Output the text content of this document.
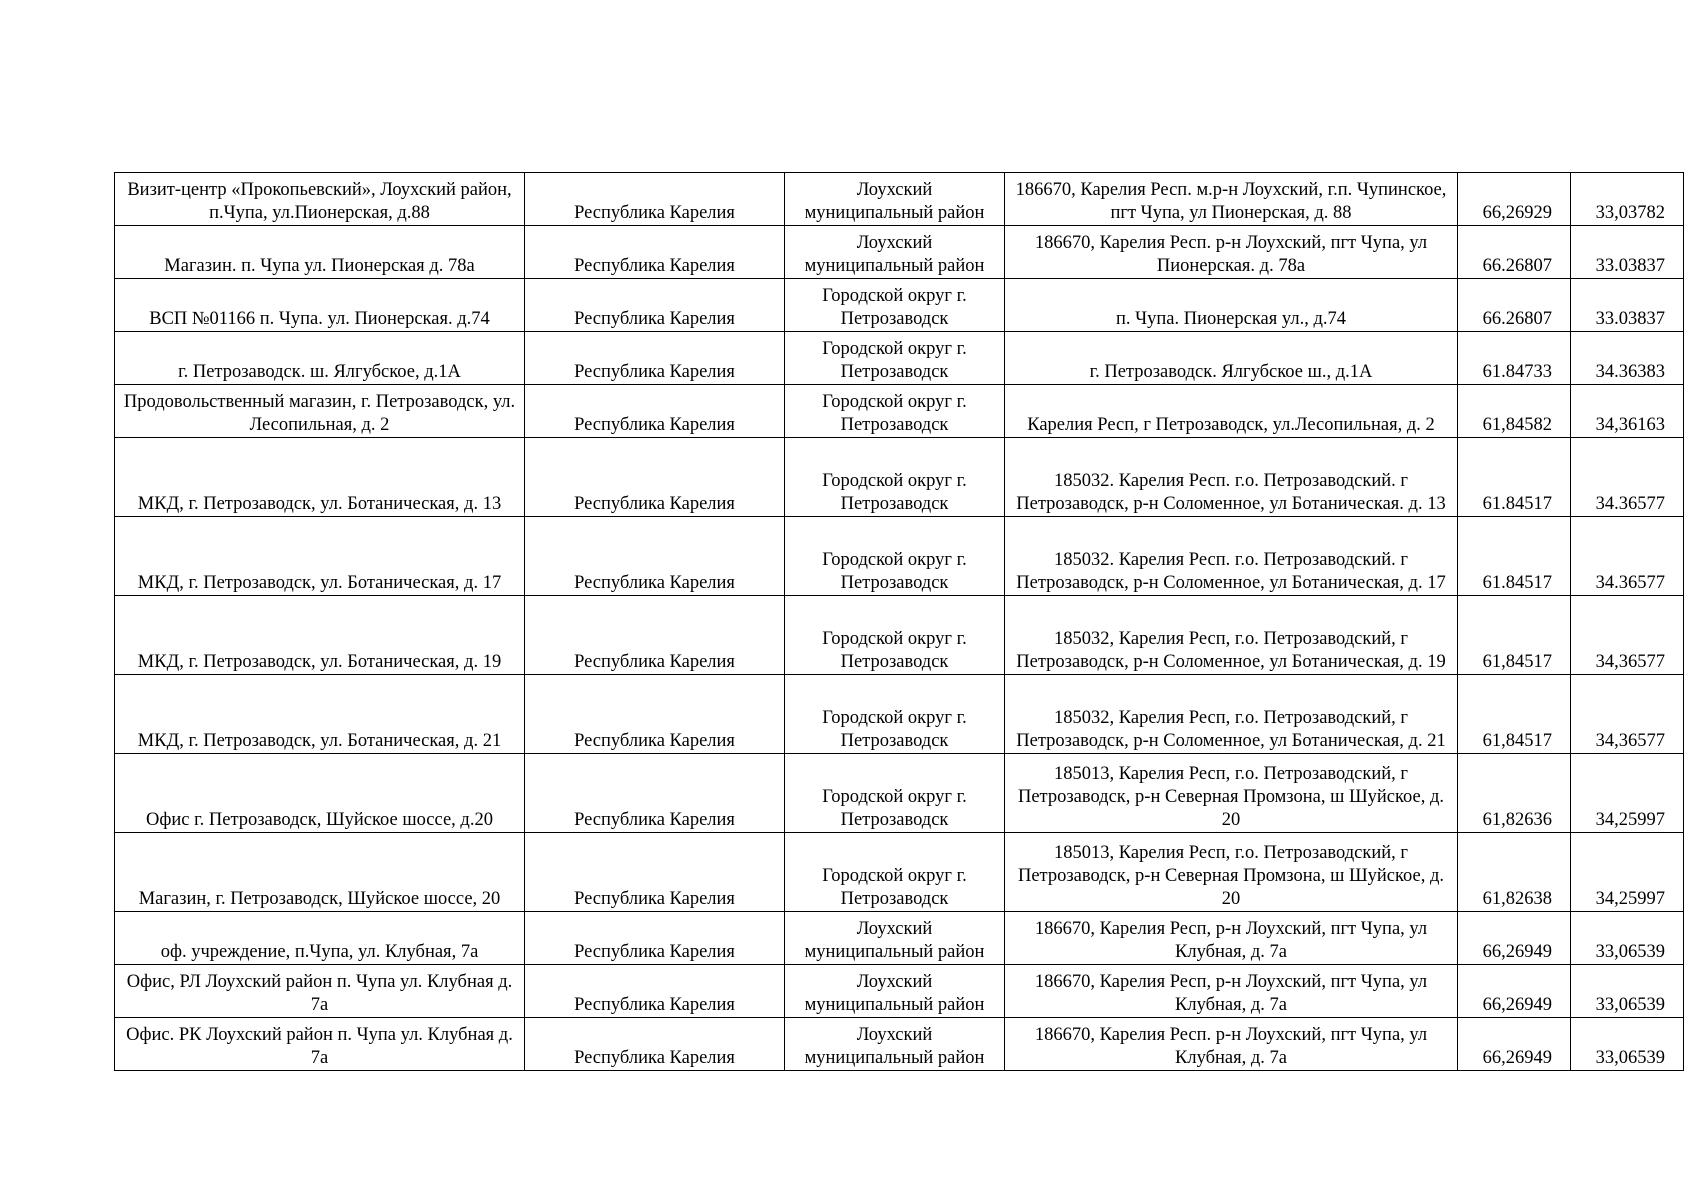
Визит-центр «Прокопьевский», Лоухский район, п.Чупа, ул.Пионерская, д.88	Республика Карелия	Лоухский муниципальный район	186670, Карелия Респ. м.р-н Лоухский, г.п. Чупинское, пгт Чупа, ул Пионерская, д. 88	66,26929	33,03782
Магазин. п. Чупа ул. Пионерская д. 78а	Республика Карелия	Лоухский муниципальный район	186670, Карелия Респ. р-н Лоухский, пгт Чупа, ул Пионерская. д. 78а	66.26807	33.03837
ВСП №01166 п. Чупа. ул. Пионерская. д.74	Республика Карелия	Городской округ г. Петрозаводск	п. Чупа. Пионерская ул., д.74	66.26807	33.03837
г. Петрозаводск. ш. Ялгубское, д.1А	Республика Карелия	Городской округ г. Петрозаводск	г. Петрозаводск. Ялгубское ш., д.1А	61.84733	34.36383
Продовольственный магазин, г. Петрозаводск, ул. Лесопильная, д. 2	Республика Карелия	Городской округ г. Петрозаводск	Карелия Респ, г Петрозаводск, ул.Лесопильная, д. 2	61,84582	34,36163
МКД, г. Петрозаводск, ул. Ботаническая, д. 13	Республика Карелия	Городской округ г. Петрозаводск	185032. Карелия Респ. г.о. Петрозаводский. г Петрозаводск, р-н Соломенное, ул Ботаническая. д. 13	61.84517	34.36577
МКД, г. Петрозаводск, ул. Ботаническая, д. 17	Республика Карелия	Городской округ г. Петрозаводск	185032. Карелия Респ. г.о. Петрозаводский. г Петрозаводск, р-н Соломенное, ул Ботаническая, д. 17	61.84517	34.36577
МКД, г. Петрозаводск, ул. Ботаническая, д. 19	Республика Карелия	Городской округ г. Петрозаводск	185032, Карелия Респ, г.о. Петрозаводский, г Петрозаводск, р-н Соломенное, ул Ботаническая, д. 19	61,84517	34,36577
МКД, г. Петрозаводск, ул. Ботаническая, д. 21	Республика Карелия	Городской округ г. Петрозаводск	185032, Карелия Респ, г.о. Петрозаводский, г Петрозаводск, р-н Соломенное, ул Ботаническая, д. 21	61,84517	34,36577
Офис г. Петрозаводск, Шуйское шоссе, д.20	Республика Карелия	Городской округ г. Петрозаводск	185013, Карелия Респ, г.о. Петрозаводский, г Петрозаводск, р-н Северная Промзона, ш Шуйское, д. 20	61,82636	34,25997
Магазин, г. Петрозаводск, Шуйское шоссе, 20	Республика Карелия	Городской округ г. Петрозаводск	185013, Карелия Респ, г.о. Петрозаводский, г Петрозаводск, р-н Северная Промзона, ш Шуйское, д. 20	61,82638	34,25997
оф. учреждение, п.Чупа, ул. Клубная, 7а	Республика Карелия	Лоухский муниципальный район	186670, Карелия Респ, р-н Лоухский, пгт Чупа, ул Клубная, д. 7а	66,26949	33,06539
Офис, РЛ Лоухский район п. Чупа ул. Клубная д. 7а	Республика Карелия	Лоухский муниципальный район	186670, Карелия Респ, р-н Лоухский, пгт Чупа, ул Клубная, д. 7а	66,26949	33,06539
Офис. РК Лоухский район п. Чупа ул. Клубная д. 7а	Республика Карелия	Лоухский муниципальный район	186670, Карелия Респ. р-н Лоухский, пгт Чупа, ул Клубная, д. 7а	66,26949	33,06539
